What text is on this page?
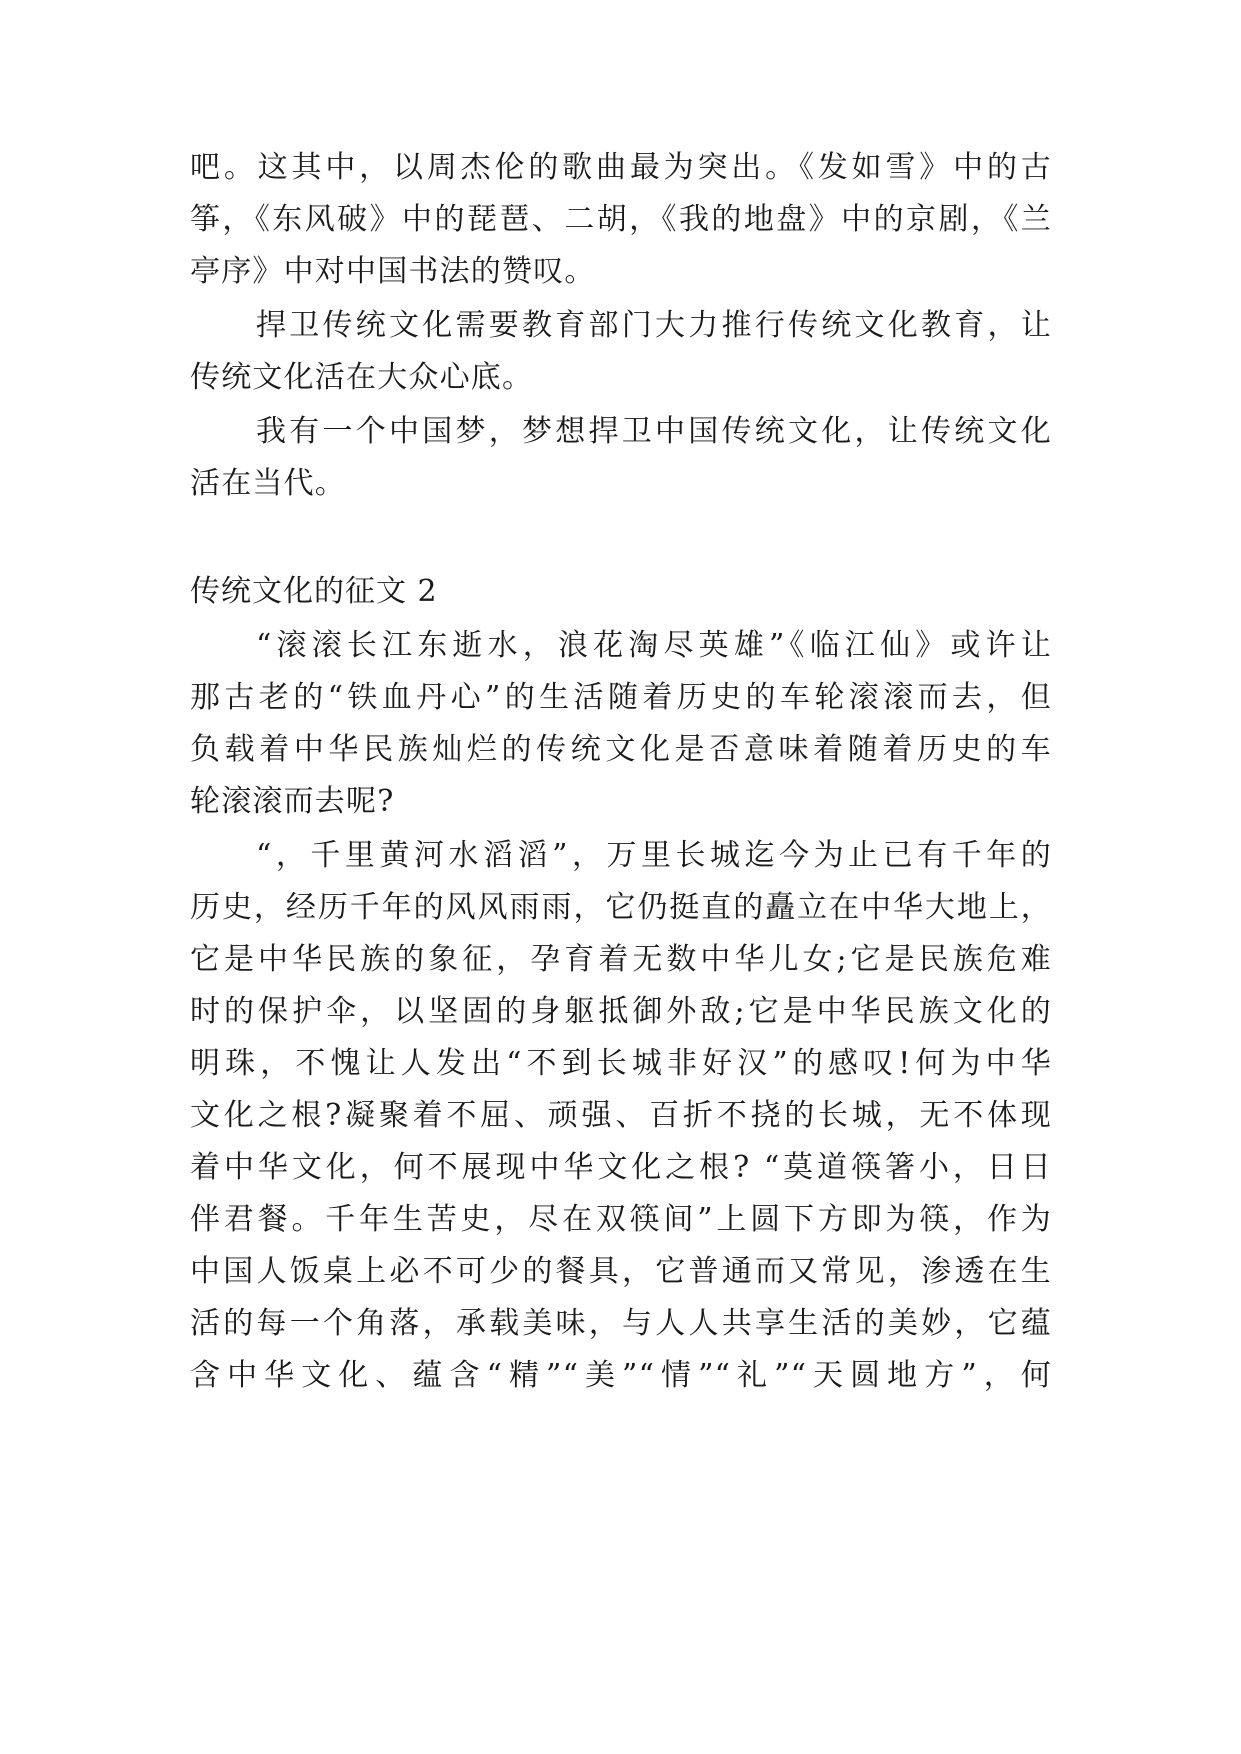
吧。这其中，以周杰伦的歌曲最为突出。《发如雪》中的古
筝，《东风破》中的琵琶、二胡，《我的地盘》中的京剧，《兰
亭序》中对中国书法的赞叹。
捍卫传统文化需要教育部门大力推行传统文化教育，让
传统文化活在大众心底。
我有一个中国梦，梦想捍卫中国传统文化，让传统文化
活在当代。
传统文化的征文 2
“滚滚长江东逝水，浪花淘尽英雄”《临江仙》或许让
那古老的“铁血丹心”的生活随着历史的车轮滚滚而去，但
负载着中华民族灿烂的传统文化是否意味着随着历史的车
轮滚滚而去呢?
“，千里黄河水滔滔”，万里长城迄今为止已有千年的
历史，经历千年的风风雨雨，它仍挺直的矗立在中华大地上，
它是中华民族的象征，孕育着无数中华儿女;它是民族危难
时的保护伞，以坚固的身躯抵御外敌;它是中华民族文化的
明珠，不愧让人发出“不到长城非好汉”的感叹!何为中华
文化之根?凝聚着不屈、顽强、百折不挠的长城，无不体现
着中华文化，何不展现中华文化之根? “莫道筷箸小，日日
伴君餐。千年生苦史，尽在双筷间”上圆下方即为筷，作为
中国人饭桌上必不可少的餐具，它普通而又常见，渗透在生
活的每一个角落，承载美味，与人人共享生活的美妙，它蕴
含中华文化、蕴含“精”“美”“情”“礼”“天圆地方”，何
